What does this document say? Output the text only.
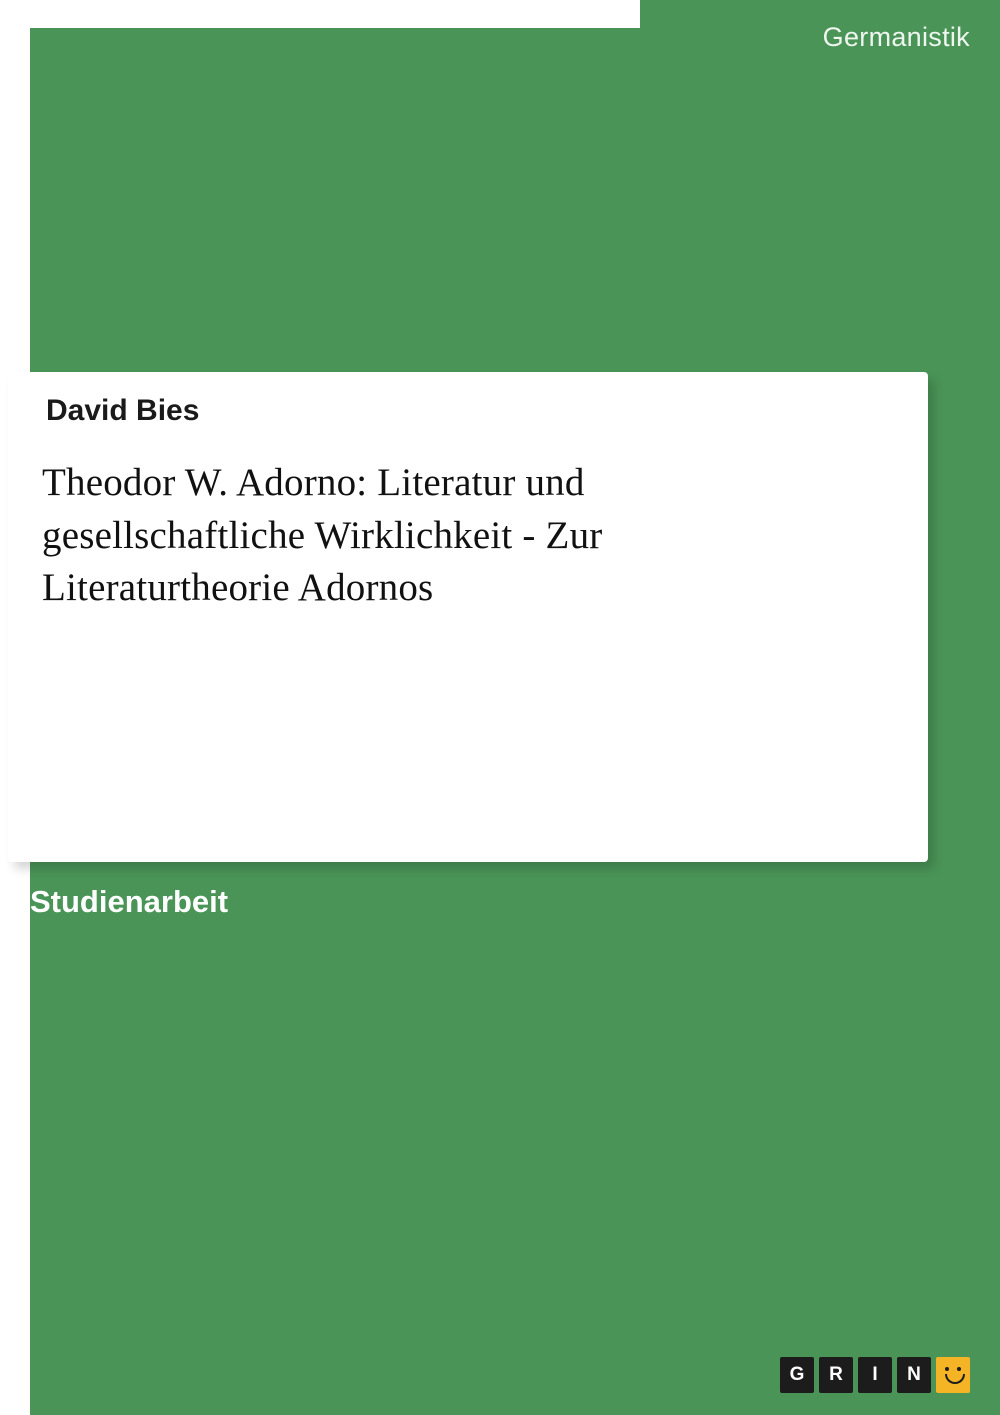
Germanistik
David Bies
Theodor W. Adorno: Literatur und gesellschaftliche Wirklichkeit - Zur Literaturtheorie Adornos
Studienarbeit
G	R	I	N
